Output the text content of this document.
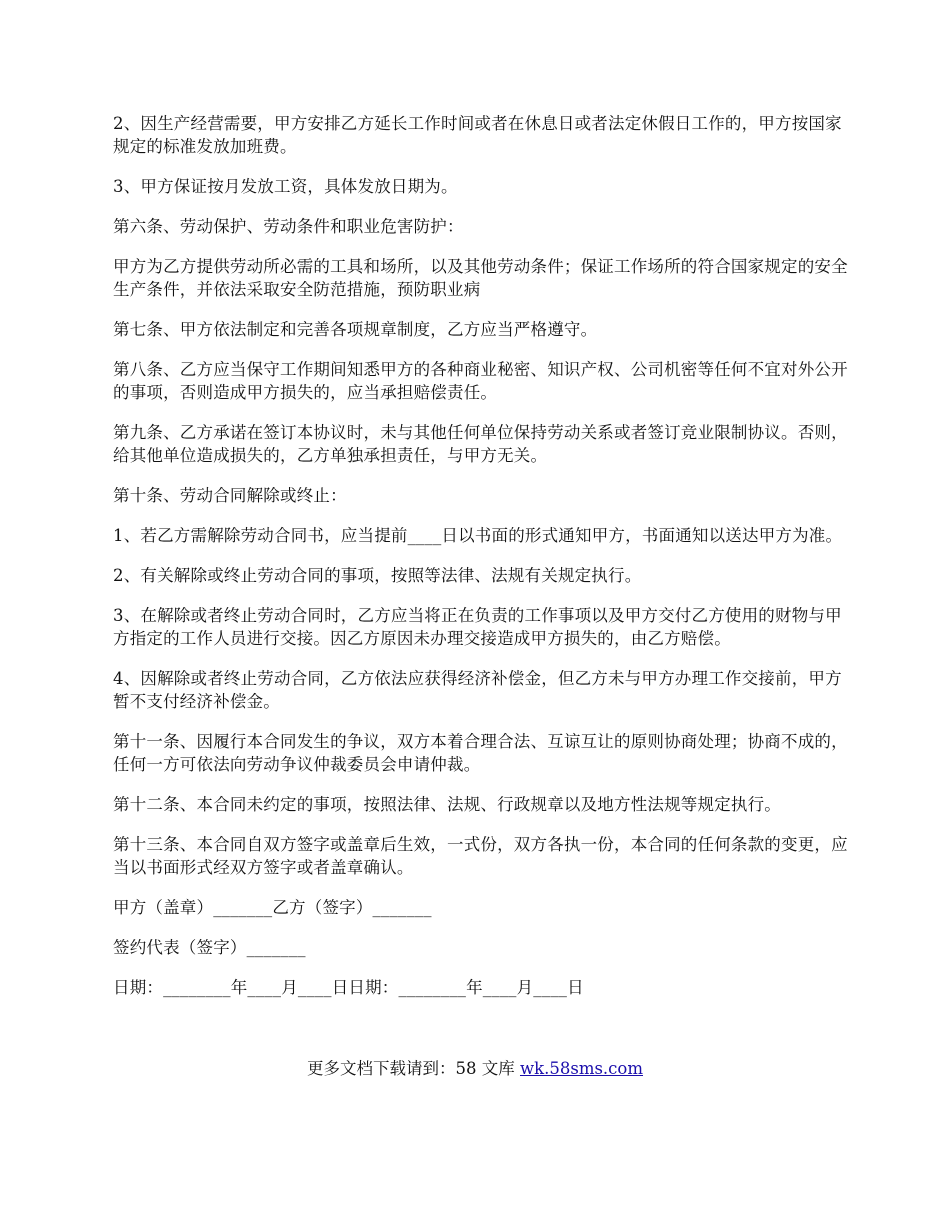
2、因生产经营需要，甲方安排乙方延长工作时间或者在休息日或者法定休假日工作的，甲方按国家规定的标准发放加班费。

3、甲方保证按月发放工资，具体发放日期为。

第六条、劳动保护、劳动条件和职业危害防护：

甲方为乙方提供劳动所必需的工具和场所，以及其他劳动条件；保证工作场所的符合国家规定的安全生产条件，并依法采取安全防范措施，预防职业病

第七条、甲方依法制定和完善各项规章制度，乙方应当严格遵守。

第八条、乙方应当保守工作期间知悉甲方的各种商业秘密、知识产权、公司机密等任何不宜对外公开的事项，否则造成甲方损失的，应当承担赔偿责任。

第九条、乙方承诺在签订本协议时，未与其他任何单位保持劳动关系或者签订竞业限制协议。否则，给其他单位造成损失的，乙方单独承担责任，与甲方无关。

第十条、劳动合同解除或终止：

1、若乙方需解除劳动合同书，应当提前____日以书面的形式通知甲方，书面通知以送达甲方为准。

2、有关解除或终止劳动合同的事项，按照等法律、法规有关规定执行。

3、在解除或者终止劳动合同时，乙方应当将正在负责的工作事项以及甲方交付乙方使用的财物与甲方指定的工作人员进行交接。因乙方原因未办理交接造成甲方损失的，由乙方赔偿。

4、因解除或者终止劳动合同，乙方依法应获得经济补偿金，但乙方未与甲方办理工作交接前，甲方暂不支付经济补偿金。

第十一条、因履行本合同发生的争议，双方本着合理合法、互谅互让的原则协商处理；协商不成的，任何一方可依法向劳动争议仲裁委员会申请仲裁。

第十二条、本合同未约定的事项，按照法律、法规、行政规章以及地方性法规等规定执行。

第十三条、本合同自双方签字或盖章后生效，一式份，双方各执一份，本合同的任何条款的变更，应当以书面形式经双方签字或者盖章确认。

甲方（盖章）_______乙方（签字）_______

签约代表（签字）_______

日期：________年____月____日日期：________年____月____日

更多文档下载请到：58 文库 wk.58sms.com
